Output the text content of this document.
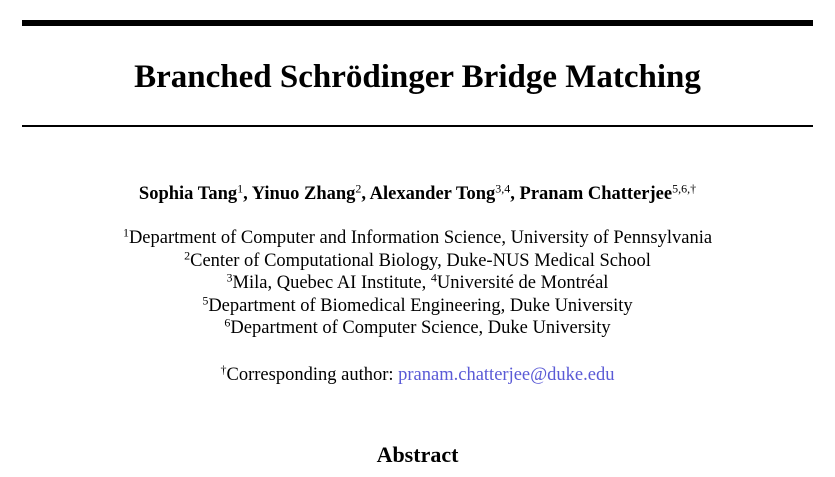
Branched Schrödinger Bridge Matching
Sophia Tang$^1$, Yinuo Zhang$^2$, Alexander Tong$^{3,4}$, Pranam Chatterjee$^{5,6,\dagger}$
$^1$Department of Computer and Information Science, University of Pennsylvania
$^2$Center of Computational Biology, Duke-NUS Medical School
$^3$Mila, Quebec AI Institute, $^4$Université de Montréal
$^5$Department of Biomedical Engineering, Duke University
$^6$Department of Computer Science, Duke University
†Corresponding author: pranam.chatterjee@duke.edu
Abstract
